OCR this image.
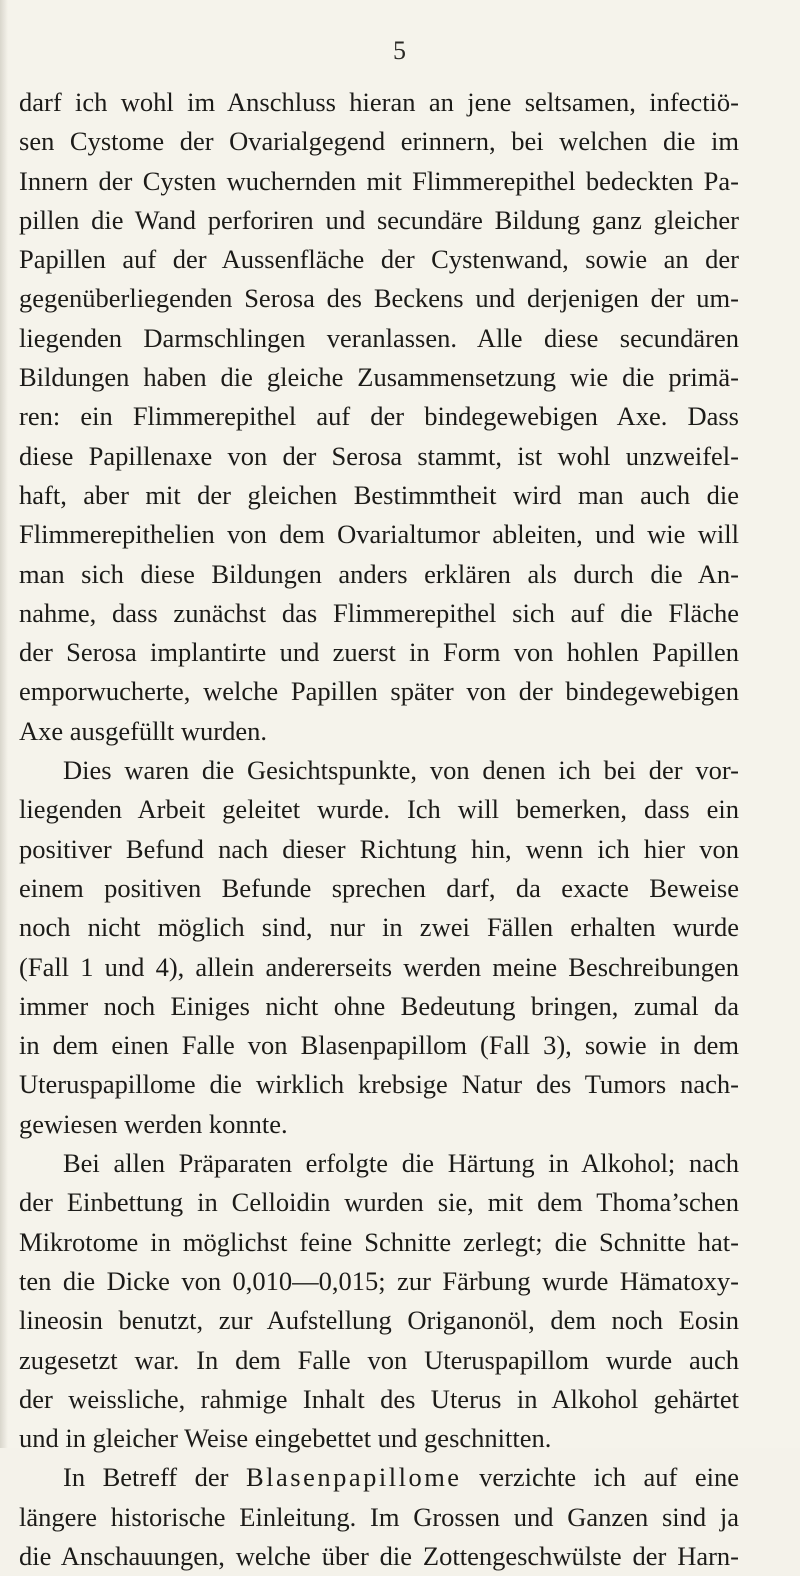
5
darf ich wohl im Anschluss hieran an jene seltsamen, infectiö-
sen Cystome der Ovarialgegend erinnern, bei welchen die im
Innern der Cysten wuchernden mit Flimmerepithel bedeckten Pa-
pillen die Wand perforiren und secundäre Bildung ganz gleicher
Papillen auf der Aussenfläche der Cystenwand, sowie an der
gegenüberliegenden Serosa des Beckens und derjenigen der um-
liegenden Darmschlingen veranlassen. Alle diese secundären
Bildungen haben die gleiche Zusammensetzung wie die primä-
ren: ein Flimmerepithel auf der bindegewebigen Axe. Dass
diese Papillenaxe von der Serosa stammt, ist wohl unzweifel-
haft, aber mit der gleichen Bestimmtheit wird man auch die
Flimmerepithelien von dem Ovarialtumor ableiten, und wie will
man sich diese Bildungen anders erklären als durch die An-
nahme, dass zunächst das Flimmerepithel sich auf die Fläche
der Serosa implantirte und zuerst in Form von hohlen Papillen
emporwucherte, welche Papillen später von der bindegewebigen
Axe ausgefüllt wurden.
Dies waren die Gesichtspunkte, von denen ich bei der vor-
liegenden Arbeit geleitet wurde. Ich will bemerken, dass ein
positiver Befund nach dieser Richtung hin, wenn ich hier von
einem positiven Befunde sprechen darf, da exacte Beweise
noch nicht möglich sind, nur in zwei Fällen erhalten wurde
(Fall 1 und 4), allein andererseits werden meine Beschreibungen
immer noch Einiges nicht ohne Bedeutung bringen, zumal da
in dem einen Falle von Blasenpapillom (Fall 3), sowie in dem
Uteruspapillome die wirklich krebsige Natur des Tumors nach-
gewiesen werden konnte.
Bei allen Präparaten erfolgte die Härtung in Alkohol; nach
der Einbettung in Celloidin wurden sie, mit dem Thoma’schen
Mikrotome in möglichst feine Schnitte zerlegt; die Schnitte hat-
ten die Dicke von 0,010—0,015; zur Färbung wurde Hämatoxy-
lineosin benutzt, zur Aufstellung Origanonöl, dem noch Eosin
zugesetzt war. In dem Falle von Uteruspapillom wurde auch
der weissliche, rahmige Inhalt des Uterus in Alkohol gehärtet
und in gleicher Weise eingebettet und geschnitten.
In Betreff der Blasenpapillome verzichte ich auf eine
längere historische Einleitung. Im Grossen und Ganzen sind ja
die Anschauungen, welche über die Zottengeschwülste der Harn-
